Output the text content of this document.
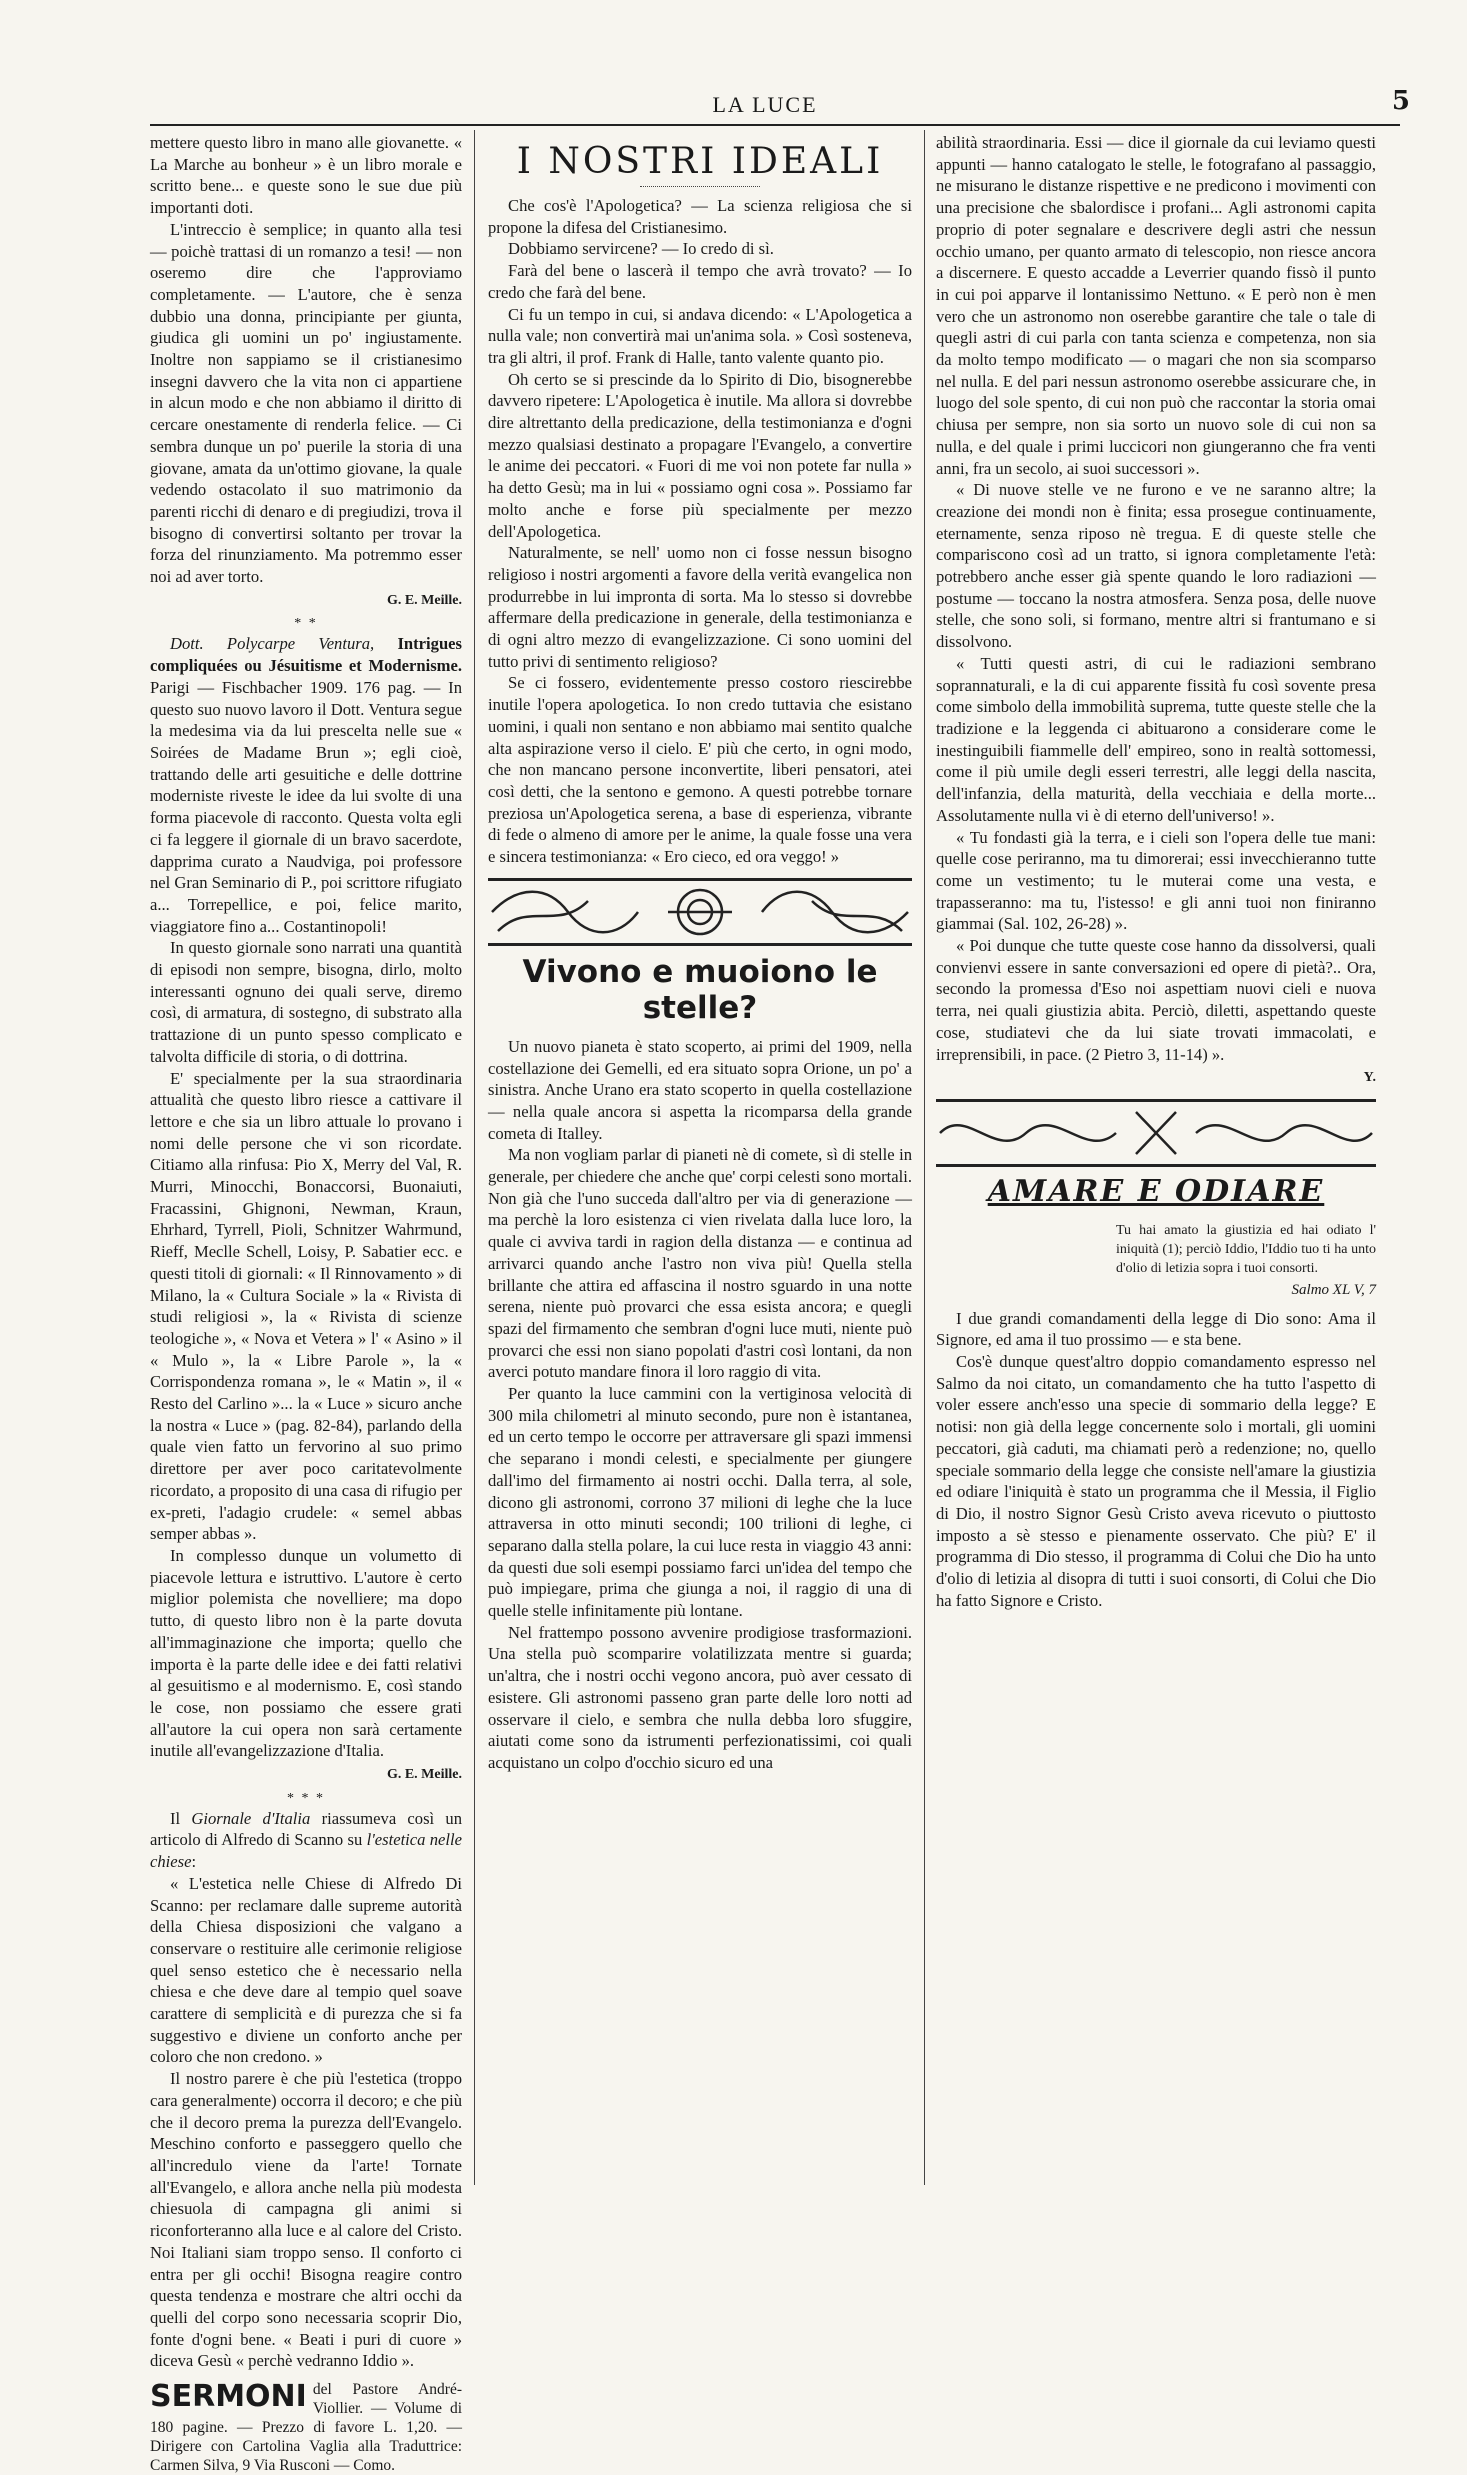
LA LUCE	5

mettere questo libro in mano alle giovanette. « La Marche au bonheur » è un libro morale e scritto bene... e queste sono le sue due più importanti doti.

L'intreccio è semplice; in quanto alla tesi — poichè trattasi di un romanzo a tesi! — non oseremo dire che l'approviamo completamente. — L'autore, che è senza dubbio una donna, principiante per giunta, giudica gli uomini un po' ingiustamente. Inoltre non sappiamo se il cristianesimo insegni davvero che la vita non ci appartiene in alcun modo e che non abbiamo il diritto di cercare onestamente di renderla felice. — Ci sembra dunque un po' puerile la storia di una giovane, amata da un'ottimo giovane, la quale vedendo ostacolato il suo matrimonio da parenti ricchi di denaro e di pregiudizi, trova il bisogno di convertirsi soltanto per trovar la forza del rinunziamento. Ma potremmo esser noi ad aver torto.

G. E. Meille.
* *

Dott. Polycarpe Ventura, Intrigues compliquées ou Jésuitisme et Modernisme. Parigi — Fischbacher 1909. 176 pag. — In questo suo nuovo lavoro il Dott. Ventura segue la medesima via da lui prescelta nelle sue « Soirées de Madame Brun »; egli cioè, trattando delle arti gesuitiche e delle dottrine moderniste riveste le idee da lui svolte di una forma piacevole di racconto. Questa volta egli ci fa leggere il giornale di un bravo sacerdote, dapprima curato a Naudviga, poi professore nel Gran Seminario di P., poi scrittore rifugiato a... Torrepellice, e poi, felice marito, viaggiatore fino a... Costantinopoli!

In questo giornale sono narrati una quantità di episodi non sempre, bisogna, dirlo, molto interessanti ognuno dei quali serve, diremo così, di armatura, di sostegno, di substrato alla trattazione di un punto spesso complicato e talvolta difficile di storia, o di dottrina.

E' specialmente per la sua straordinaria attualità che questo libro riesce a cattivare il lettore e che sia un libro attuale lo provano i nomi delle persone che vi son ricordate. Citiamo alla rinfusa: Pio X, Merry del Val, R. Murri, Minocchi, Bonaccorsi, Buonaiuti, Fracassini, Ghignoni, Newman, Kraun, Ehrhard, Tyrrell, Pioli, Schnitzer Wahrmund, Rieff, Meclle Schell, Loisy, P. Sabatier ecc. e questi titoli di giornali: « Il Rinnovamento » di Milano, la « Cultura Sociale » la « Rivista di studi religiosi », la « Rivista di scienze teologiche », « Nova et Vetera » l' « Asino » il « Mulo », la « Libre Parole », la « Corrispondenza romana », le « Matin », il « Resto del Carlino »... la « Luce » sicuro anche la nostra « Luce » (pag. 82-84), parlando della quale vien fatto un fervorino al suo primo direttore per aver poco caritatevolmente ricordato, a proposito di una casa di rifugio per ex-preti, l'adagio crudele: « semel abbas semper abbas ».

In complesso dunque un volumetto di piacevole lettura e istruttivo. L'autore è certo miglior polemista che novelliere; ma dopo tutto, di questo libro non è la parte dovuta all'immaginazione che importa; quello che importa è la parte delle idee e dei fatti relativi al gesuitismo e al modernismo. E, così stando le cose, non possiamo che essere grati all'autore la cui opera non sarà certamente inutile all'evangelizzazione d'Italia.

G. E. Meille.
* * *

Il Giornale d'Italia riassumeva così un articolo di Alfredo di Scanno su l'estetica nelle chiese:

« L'estetica nelle Chiese di Alfredo Di Scanno: per reclamare dalle supreme autorità della Chiesa disposizioni che valgano a conservare o restituire alle cerimonie religiose quel senso estetico che è necessario nella chiesa e che deve dare al tempio quel soave carattere di semplicità e di purezza che si fa suggestivo e diviene un conforto anche per coloro che non credono. »

Il nostro parere è che più l'estetica (troppo cara generalmente) occorra il decoro; e che più che il decoro prema la purezza dell'Evangelo. Meschino conforto e passeggero quello che all'incredulo viene da l'arte! Tornate all'Evangelo, e allora anche nella più modesta chiesuola di campagna gli animi si riconforteranno alla luce e al calore del Cristo. Noi Italiani siam troppo senso. Il conforto ci entra per gli occhi! Bisogna reagire contro questa tendenza e mostrare che altri occhi da quelli del corpo sono necessaria scoprir Dio, fonte d'ogni bene. « Beati i puri di cuore » diceva Gesù « perchè vedranno Iddio ».

SERMONI del Pastore André-Viollier. — Volume di 180 pagine. — Prezzo di favore L. 1,20. — Dirigere con Cartolina Vaglia alla Traduttrice: Carmen Silva, 9 Via Rusconi — Como.
I NOSTRI IDEALI

Che cos'è l'Apologetica? — La scienza religiosa che si propone la difesa del Cristianesimo.

Dobbiamo servircene? — Io credo di sì.

Farà del bene o lascerà il tempo che avrà trovato? — Io credo che farà del bene.

Ci fu un tempo in cui, si andava dicendo: « L'Apologetica a nulla vale; non convertirà mai un'anima sola. » Così sosteneva, tra gli altri, il prof. Frank di Halle, tanto valente quanto pio.

Oh certo se si prescinde da lo Spirito di Dio, bisognerebbe davvero ripetere: L'Apologetica è inutile. Ma allora si dovrebbe dire altrettanto della predicazione, della testimonianza e d'ogni mezzo qualsiasi destinato a propagare l'Evangelo, a convertire le anime dei peccatori. « Fuori di me voi non potete far nulla » ha detto Gesù; ma in lui « possiamo ogni cosa ». Possiamo far molto anche e forse più specialmente per mezzo dell'Apologetica.

Naturalmente, se nell' uomo non ci fosse nessun bisogno religioso i nostri argomenti a favore della verità evangelica non produrrebbe in lui impronta di sorta. Ma lo stesso si dovrebbe affermare della predicazione in generale, della testimonianza e di ogni altro mezzo di evangelizzazione. Ci sono uomini del tutto privi di sentimento religioso?

Se ci fossero, evidentemente presso costoro riescirebbe inutile l'opera apologetica. Io non credo tuttavia che esistano uomini, i quali non sentano e non abbiamo mai sentito qualche alta aspirazione verso il cielo. E' più che certo, in ogni modo, che non mancano persone inconvertite, liberi pensatori, atei così detti, che la sentono e gemono. A questi potrebbe tornare preziosa un'Apologetica serena, a base di esperienza, vibrante di fede o almeno di amore per le anime, la quale fosse una vera e sincera testimonianza: « Ero cieco, ed ora veggo! »

Vivono e muoiono le stelle?

Un nuovo pianeta è stato scoperto, ai primi del 1909, nella costellazione dei Gemelli, ed era situato sopra Orione, un po' a sinistra. Anche Urano era stato scoperto in quella costellazione — nella quale ancora si aspetta la ricomparsa della grande cometa di Italley.

Ma non vogliam parlar di pianeti nè di comete, sì di stelle in generale, per chiedere che anche que' corpi celesti sono mortali. Non già che l'uno succeda dall'altro per via di generazione — ma perchè la loro esistenza ci vien rivelata dalla luce loro, la quale ci avviva tardi in ragion della distanza — e continua ad arrivarci quando anche l'astro non viva più! Quella stella brillante che attira ed affascina il nostro sguardo in una notte serena, niente può provarci che essa esista ancora; e quegli spazi del firmamento che sembran d'ogni luce muti, niente può provarci che essi non siano popolati d'astri così lontani, da non averci potuto mandare finora il loro raggio di vita.

Per quanto la luce cammini con la vertiginosa velocità di 300 mila chilometri al minuto secondo, pure non è istantanea, ed un certo tempo le occorre per attraversare gli spazi immensi che separano i mondi celesti, e specialmente per giungere dall'imo del firmamento ai nostri occhi. Dalla terra, al sole, dicono gli astronomi, corrono 37 milioni di leghe che la luce attraversa in otto minuti secondi; 100 trilioni di leghe, ci separano dalla stella polare, la cui luce resta in viaggio 43 anni: da questi due soli esempi possiamo farci un'idea del tempo che può impiegare, prima che giunga a noi, il raggio di una di quelle stelle infinitamente più lontane.

Nel frattempo possono avvenire prodigiose trasformazioni. Una stella può scomparire volatilizzata mentre si guarda; un'altra, che i nostri occhi vegono ancora, può aver cessato di esistere. Gli astronomi passeno gran parte delle loro notti ad osservare il cielo, e sembra che nulla debba loro sfuggire, aiutati come sono da istrumenti perfezionatissimi, coi quali acquistano un colpo d'occhio sicuro ed una

abilità straordinaria. Essi — dice il giornale da cui leviamo questi appunti — hanno catalogato le stelle, le fotografano al passaggio, ne misurano le distanze rispettive e ne predicono i movimenti con una precisione che sbalordisce i profani... Agli astronomi capita proprio di poter segnalare e descrivere degli astri che nessun occhio umano, per quanto armato di telescopio, non riesce ancora a discernere. E questo accadde a Leverrier quando fissò il punto in cui poi apparve il lontanissimo Nettuno. « E però non è men vero che un astronomo non oserebbe garantire che tale o tale di quegli astri di cui parla con tanta scienza e competenza, non sia da molto tempo modificato — o magari che non sia scomparso nel nulla. E del pari nessun astronomo oserebbe assicurare che, in luogo del sole spento, di cui non può che raccontar la storia omai chiusa per sempre, non sia sorto un nuovo sole di cui non sa nulla, e del quale i primi luccicori non giungeranno che fra venti anni, fra un secolo, ai suoi successori ».

« Di nuove stelle ve ne furono e ve ne saranno altre; la creazione dei mondi non è finita; essa prosegue continuamente, eternamente, senza riposo nè tregua. E di queste stelle che compariscono così ad un tratto, si ignora completamente l'età: potrebbero anche esser già spente quando le loro radiazioni — postume — toccano la nostra atmosfera. Senza posa, delle nuove stelle, che sono soli, si formano, mentre altri si frantumano e si dissolvono.

« Tutti questi astri, di cui le radiazioni sembrano soprannaturali, e la di cui apparente fissità fu così sovente presa come simbolo della immobilità suprema, tutte queste stelle che la tradizione e la leggenda ci abituarono a considerare come le inestinguibili fiammelle dell' empireo, sono in realtà sottomessi, come il più umile degli esseri terrestri, alle leggi della nascita, dell'infanzia, della maturità, della vecchiaia e della morte... Assolutamente nulla vi è di eterno dell'universo! ».

« Tu fondasti già la terra, e i cieli son l'opera delle tue mani: quelle cose periranno, ma tu dimorerai; essi invecchieranno tutte come un vestimento; tu le muterai come una vesta, e trapasseranno: ma tu, l'istesso! e gli anni tuoi non finiranno giammai (Sal. 102, 26-28) ».

« Poi dunque che tutte queste cose hanno da dissolversi, quali convienvi essere in sante conversazioni ed opere di pietà?.. Ora, secondo la promessa d'Eso noi aspettiam nuovi cieli e nuova terra, nei quali giustizia abita. Perciò, diletti, aspettando queste cose, studiatevi che da lui siate trovati immacolati, e irreprensibili, in pace. (2 Pietro 3, 11-14) ».

Y.
AMARE E ODIARE
Tu hai amato la giustizia ed hai odiato l' iniquità (1); perciò Iddio, l'Iddio tuo ti ha unto d'olio di letizia sopra i tuoi consorti.
Salmo XL V, 7

I due grandi comandamenti della legge di Dio sono: Ama il Signore, ed ama il tuo prossimo — e sta bene.

Cos'è dunque quest'altro doppio comandamento espresso nel Salmo da noi citato, un comandamento che ha tutto l'aspetto di voler essere anch'esso una specie di sommario della legge? E notisi: non già della legge concernente solo i mortali, gli uomini peccatori, già caduti, ma chiamati però a redenzione; no, quello speciale sommario della legge che consiste nell'amare la giustizia ed odiare l'iniquità è stato un programma che il Messia, il Figlio di Dio, il nostro Signor Gesù Cristo aveva ricevuto o piuttosto imposto a sè stesso e pienamente osservato. Che più? E' il programma di Dio stesso, il programma di Colui che Dio ha unto d'olio di letizia al disopra di tutti i suoi consorti, di Colui che Dio ha fatto Signore e Cristo.
